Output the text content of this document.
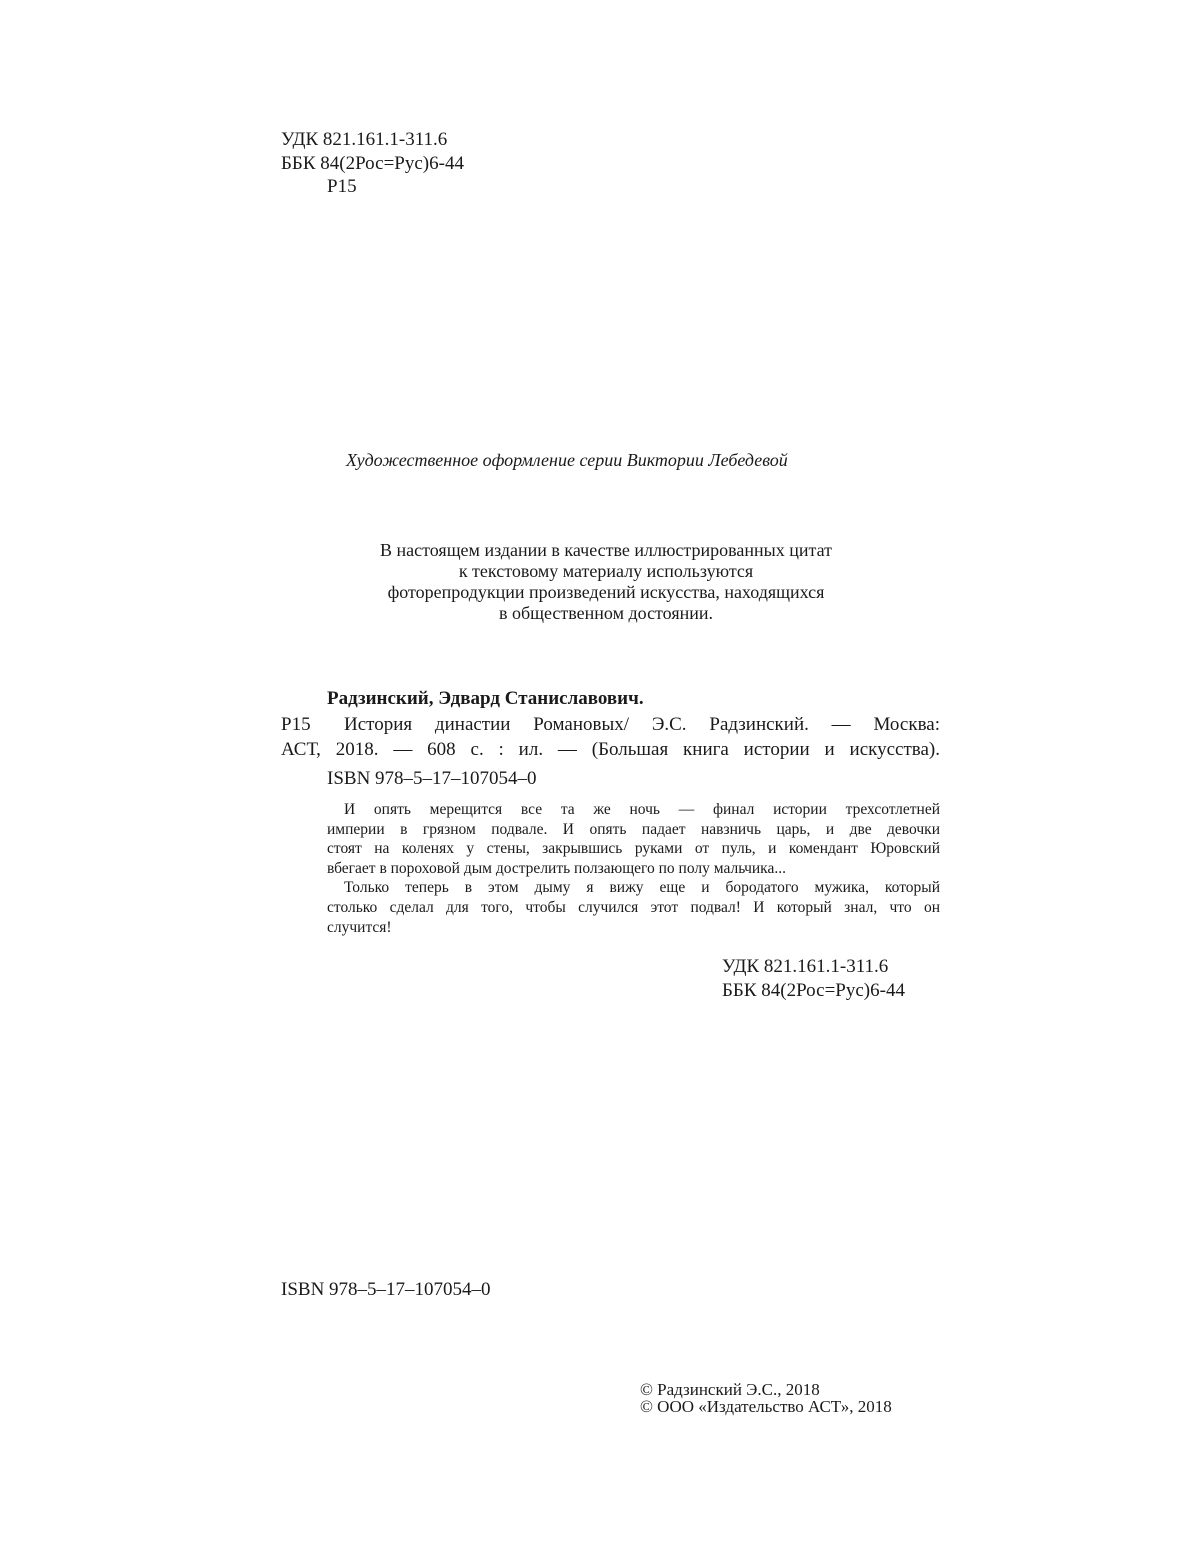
УДК 821.161.1-311.6
ББК 84(2Рос=Рус)6-44
Р15
Художественное оформление серии Виктории Лебедевой
В настоящем издании в качестве иллюстрированных цитат
к текстовому материалу используются
фоторепродукции произведений искусства, находящихся
в общественном достоянии.
Радзинский, Эдвард Станиславович.
Р15 История династии Романовых/ Э.С. Радзинский. — Москва:
АСТ, 2018. — 608 с. : ил. — (Большая книга истории и искусства).
ISBN 978–5–17–107054–0
И опять мерещится все та же ночь — финал истории трехсотлетней
империи в грязном подвале. И опять падает навзничь царь, и две девочки
стоят на коленях у стены, закрывшись руками от пуль, и комендант Юровский
вбегает в пороховой дым дострелить ползающего по полу мальчика...
Только теперь в этом дыму я вижу еще и бородатого мужика, который
столько сделал для того, чтобы случился этот подвал! И который знал, что он
случится!
УДК 821.161.1-311.6
ББК 84(2Рос=Рус)6-44
ISBN 978–5–17–107054–0
© Радзинский Э.С., 2018
© ООО «Издательство АСТ», 2018
